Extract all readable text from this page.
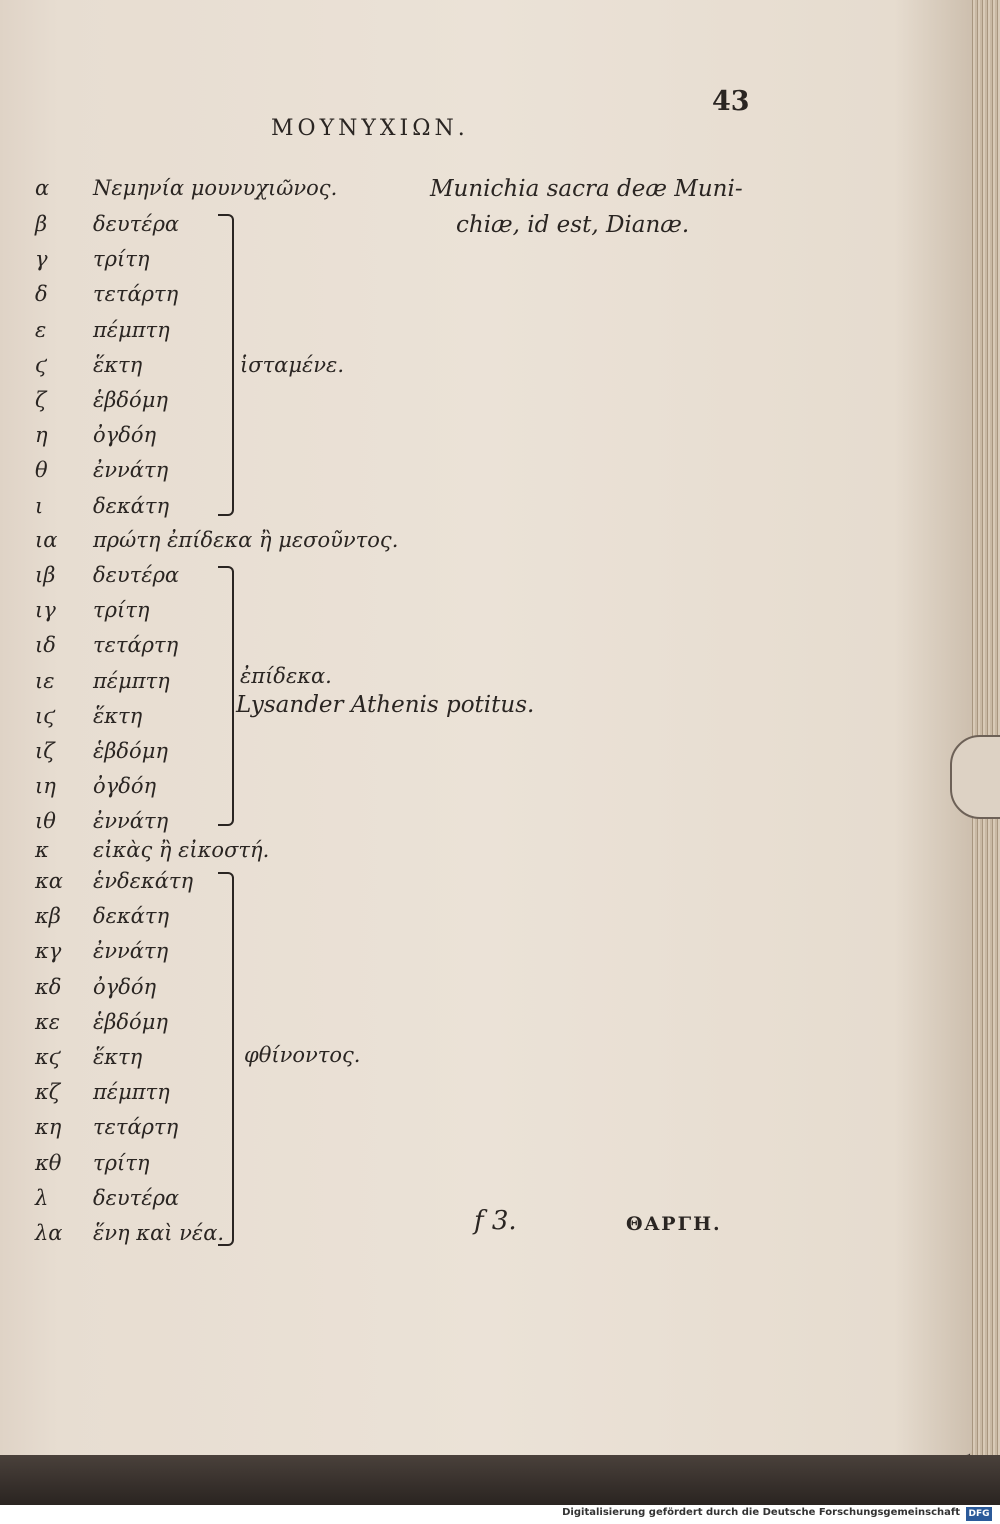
43
ΜΟΥΝΥΧΙΩΝ.
α Νεμηνία μουνυχιῶνος.	Munichia sacra deæ Muni-
chiæ, id est, Dianæ.
ἱσταμένε.
ια πρώτη ἐπίδεκα ἢ μεσοῦντος.
ἐπίδεκα.
Lysander Athenis potitus.
κ εἰκὰς ἢ εἰκοστή.
φθίνοντος.
f 3.	ΘΑΡΓΗ.
β δευτέρα
γ τρίτη
δ τετάρτη
ε πέμπτη
ϛ ἕκτη
ζ ἑβδόμη
η ὀγδόη
θ ἐννάτη
ι δεκάτη
ιβ δευτέρα
ιγ τρίτη
ιδ τετάρτη
ιε πέμπτη
ιϛ ἕκτη
ιζ ἑβδόμη
ιη ὀγδόη
ιθ ἐννάτη
κα ἑνδεκάτη
κβ δεκάτη
κγ ἐννάτη
κδ ὀγδόη
κε ἑβδόμη
κϛ ἕκτη
κζ πέμπτη
κη τετάρτη
κθ τρίτη
λ δευτέρα
λα ἕνη καὶ νέα.
Digitalisierung gefördert durch die Deutsche Forschungsgemeinschaft DFG
